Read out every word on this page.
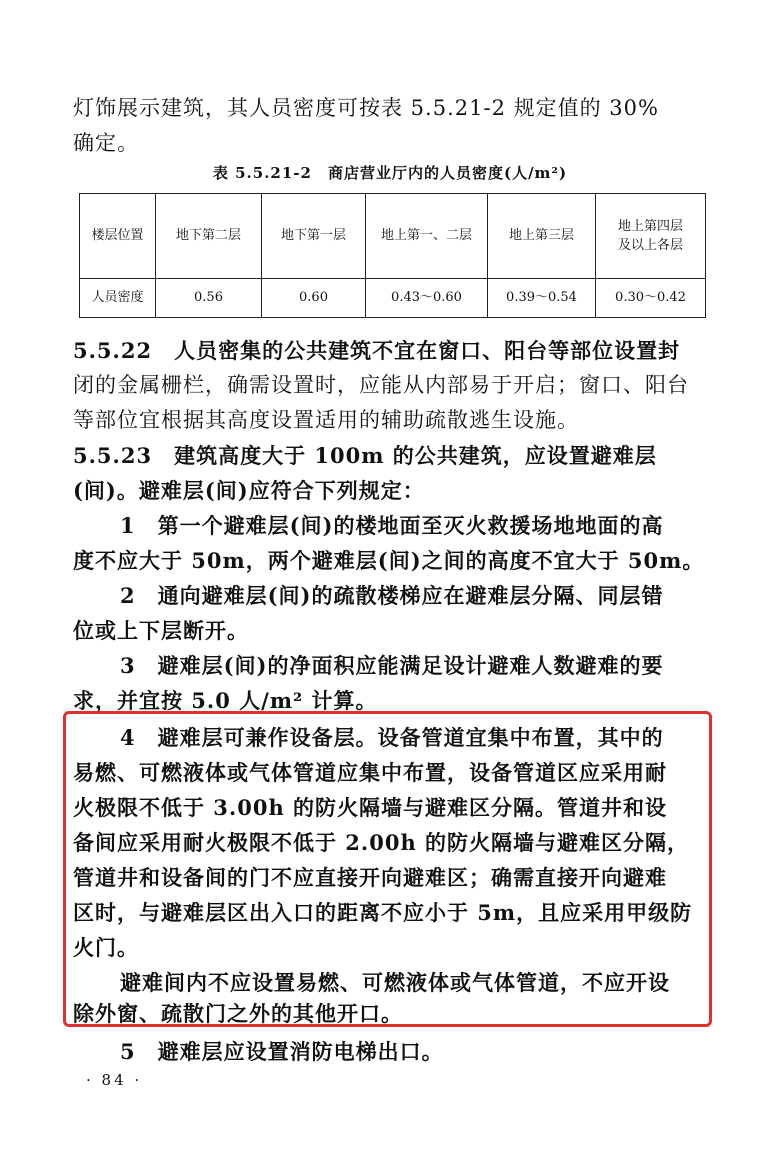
灯饰展示建筑，其人员密度可按表 5.5.21-2 规定值的 30%
确定。
表 5.5.21-2　商店营业厅内的人员密度(人/m²)
楼层位置	地下第二层	地下第一层	地上第一、二层	地上第三层	地上第四层
及以上各层
人员密度	0.56	0.60	0.43～0.60	0.39～0.54	0.30～0.42
5.5.22　人员密集的公共建筑不宜在窗口、阳台等部位设置封
闭的金属栅栏，确需设置时，应能从内部易于开启；窗口、阳台
等部位宜根据其高度设置适用的辅助疏散逃生设施。
5.5.23　建筑高度大于 100m 的公共建筑，应设置避难层
(间)。避难层(间)应符合下列规定：
1　第一个避难层(间)的楼地面至灭火救援场地地面的高
度不应大于 50m，两个避难层(间)之间的高度不宜大于 50m。
2　通向避难层(间)的疏散楼梯应在避难层分隔、同层错
位或上下层断开。
3　避难层(间)的净面积应能满足设计避难人数避难的要
求，并宜按 5.0 人/m² 计算。
4　避难层可兼作设备层。设备管道宜集中布置，其中的
易燃、可燃液体或气体管道应集中布置，设备管道区应采用耐
火极限不低于 3.00h 的防火隔墙与避难区分隔。管道井和设
备间应采用耐火极限不低于 2.00h 的防火隔墙与避难区分隔，
管道井和设备间的门不应直接开向避难区；确需直接开向避难
区时，与避难层区出入口的距离不应小于 5m，且应采用甲级防
火门。
避难间内不应设置易燃、可燃液体或气体管道，不应开设
除外窗、疏散门之外的其他开口。
5　避难层应设置消防电梯出口。
· 84 ·
